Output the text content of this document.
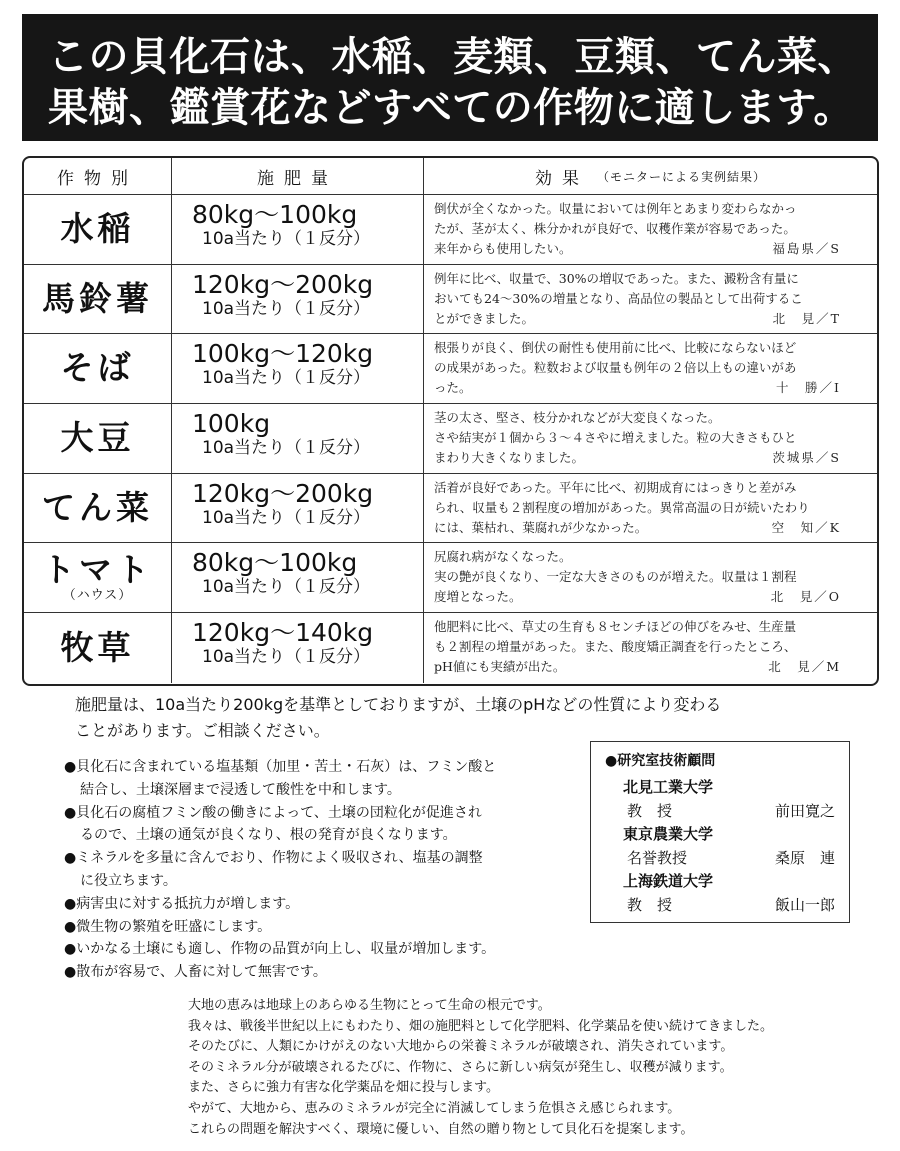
この貝化石は、水稲、麦類、豆類、てん菜、
果樹、鑑賞花などすべての作物に適します。
作物別	施肥量	効果 （モニターによる実例結果）
水稲 80kg〜100kg
10a当たり（１反分）
倒伏が全くなかった。収量においては例年とあまり変わらなかっ
たが、茎が太く、株分かれが良好で、収穫作業が容易であった。
来年からも使用したい。	福島県／S
馬鈴薯 120kg〜200kg
10a当たり（１反分）
例年に比べ、収量で、30%の増収であった。また、澱粉含有量に
おいても24〜30%の増量となり、高品位の製品として出荷するこ
とができました。	北　見／T
そば 100kg〜120kg
10a当たり（１反分）
根張りが良く、倒伏の耐性も使用前に比べ、比較にならないほど
の成果があった。粒数および収量も例年の２倍以上もの違いがあ
った。	十　勝／I
大豆 100kg
10a当たり（１反分）
茎の太さ、堅さ、枝分かれなどが大変良くなった。
さや結実が１個から３〜４さやに増えました。粒の大きさもひと
まわり大きくなりました。	茨城県／S
てん菜 120kg〜200kg
10a当たり（１反分）
活着が良好であった。平年に比べ、初期成育にはっきりと差がみ
られ、収量も２割程度の増加があった。異常高温の日が続いたわり
には、葉枯れ、葉腐れが少なかった。	空　知／K
トマト
（ハウス）
80kg〜100kg
10a当たり（１反分）
尻腐れ病がなくなった。
実の艶が良くなり、一定な大きさのものが増えた。収量は１割程
度増となった。	北　見／O
牧草 120kg〜140kg
10a当たり（１反分）
他肥料に比べ、草丈の生育も８センチほどの伸びをみせ、生産量
も２割程の増量があった。また、酸度矯正調査を行ったところ、
pH値にも実績が出た。	北　見／M
施肥量は、10a当たり200kgを基準としておりますが、土壌のpHなどの性質により変わる
ことがあります。ご相談ください。
●貝化石に含まれている塩基類（加里・苦土・石灰）は、フミン酸と
結合し、土壌深層まで浸透して酸性を中和します。
●貝化石の腐植フミン酸の働きによって、土壌の団粒化が促進され
るので、土壌の通気が良くなり、根の発育が良くなります。
●ミネラルを多量に含んでおり、作物によく吸収され、塩基の調整
に役立ちます。
●病害虫に対する抵抗力が増します。
●微生物の繁殖を旺盛にします。
●いかなる土壌にも適し、作物の品質が向上し、収量が増加します。
●散布が容易で、人畜に対して無害です。
●研究室技術顧問
北見工業大学
教　授	前田寛之
東京農業大学
名誉教授	桑原　連
上海鉄道大学
教　授	飯山一郎
大地の恵みは地球上のあらゆる生物にとって生命の根元です。
我々は、戦後半世紀以上にもわたり、畑の施肥料として化学肥料、化学薬品を使い続けてきました。
そのたびに、人類にかけがえのない大地からの栄養ミネラルが破壊され、消失されています。
そのミネラル分が破壊されるたびに、作物に、さらに新しい病気が発生し、収穫が減ります。
また、さらに強力有害な化学薬品を畑に投与します。
やがて、大地から、恵みのミネラルが完全に消滅してしまう危惧さえ感じられます。
これらの問題を解決すべく、環境に優しい、自然の贈り物として貝化石を提案します。
